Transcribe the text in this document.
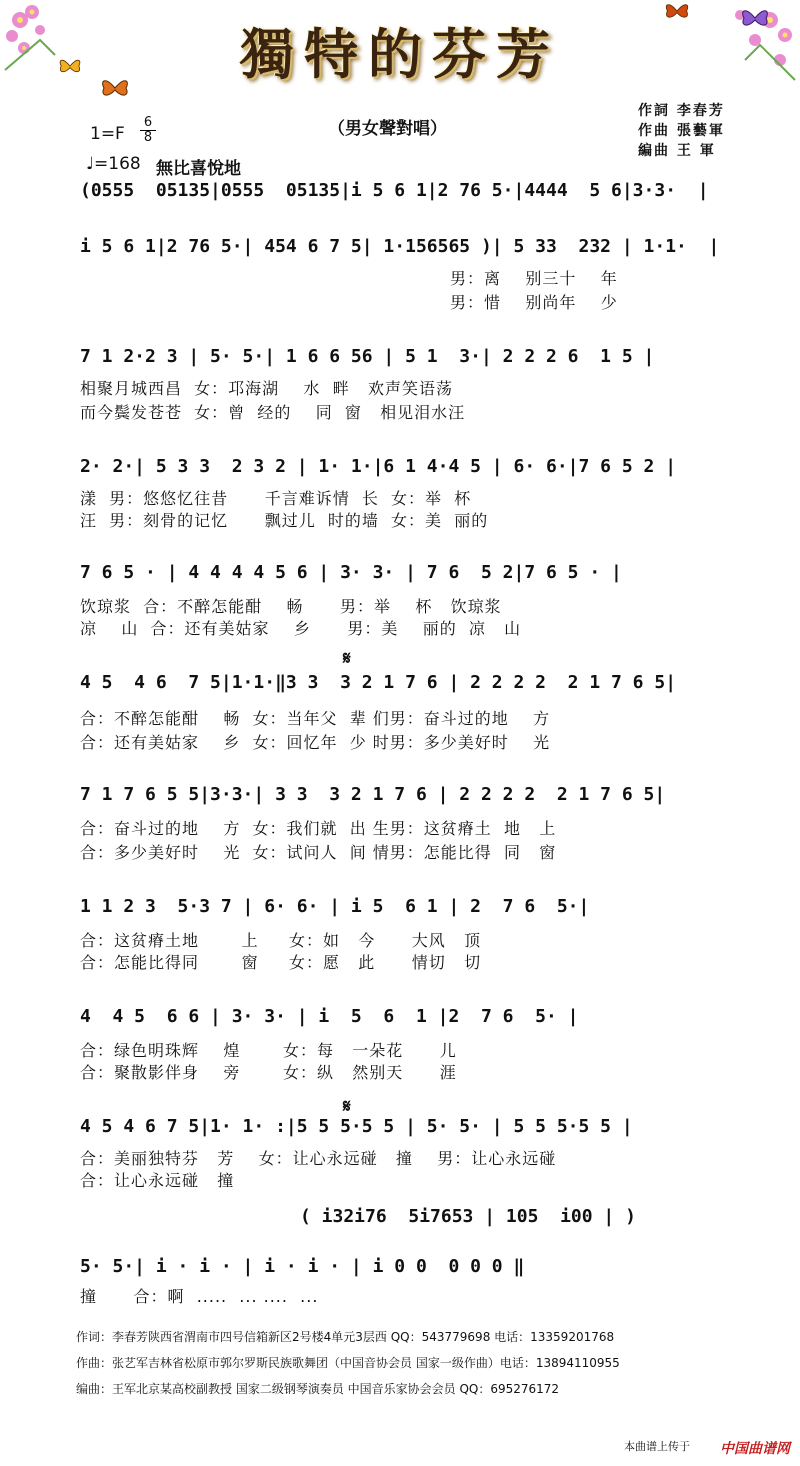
獨特的芬芳
（男女聲對唱）
作詞 李春芳
作曲 張藝軍
編曲 王 軍
$1=F \frac{6}{8}$
♩=168 無比喜悅地
(0555  05135|0555  05135|i 5 6 1|2 76 5·|4444  5 6|3·3·  |
i 5 6 1|2 76 5·| 454 6 7 5| 1·156565 )| 5 33  232 | 1·1·  |
男：离    别三十    年
男：惜    别尚年    少
7 1 2·2 3 | 5· 5·| 1 6 6 56 | 5 1  3·| 2 2 2 6  1 5 |
相聚月城西昌  女：邛海湖    水  畔   欢声笑语荡
而今鬓发苍苍  女：曾  经的    同  窗   相见泪水汪
2· 2·| 5 3 3  2 3 2 | 1· 1·|6 1 4·4 5 | 6· 6·|7 6 5 2 |
漾  男：悠悠忆往昔      千言难诉情  长  女：举  杯
汪  男：刻骨的记忆      飘过儿  时的墙  女：美  丽的
7 6 5 · | 4 4 4 4 5 6 | 3· 3· | 7 6  5 2|7 6 5 · |
饮琼浆  合：不醉怎能酣    畅      男：举    杯   饮琼浆
凉    山  合：还有美姑家    乡      男：美    丽的  凉   山
𝄋
4 5  4 6  7 5|1·1·‖3 3  3 2 1 7 6 | 2 2 2 2  2 1 7 6 5|
合：不醉怎能酣    畅  女：当年父  辈 们男：奋斗过的地    方
合：还有美姑家    乡  女：回忆年  少 时男：多少美好时    光
7 1 7 6 5 5|3·3·| 3 3  3 2 1 7 6 | 2 2 2 2  2 1 7 6 5|
合：奋斗过的地    方  女：我们就  出 生男：这贫瘠土  地   上
合：多少美好时    光  女：试问人  间 情男：怎能比得  同   窗
1 1 2 3  5·3 7 | 6· 6· | i 5  6 1 | 2  7 6  5·|
合：这贫瘠土地       上     女：如   今      大风   顶
合：怎能比得同       窗     女：愿   此      情切   切
4  4 5  6 6 | 3· 3· | i  5  6  1 |2  7 6  5· |
合：绿色明珠辉    煌       女：每   一朵花      儿
合：聚散影伴身    旁       女：纵   然别天      涯
𝄋
4 5 4 6 7 5|1· 1· :|5 5 5·5 5 | 5· 5· | 5 5 5·5 5 |
合：美丽独特芬   芳    女：让心永远碰   撞    男：让心永远碰
合：让心永远碰   撞
( i32i76  5i7653 | 105  i00 | )
5· 5·| i · i · | i · i · | i 0 0  0 0 0 ‖
撞      合：啊  .....  ... ....  ...
作词：李春芳陕西省渭南市四号信箱新区2号楼4单元3层西 QQ：543779698 电话：13359201768
作曲：张艺军吉林省松原市郭尔罗斯民族歌舞团（中国音协会员 国家一级作曲）电话：13894110955
编曲：王军北京某高校副教授 国家二级钢琴演奏员 中国音乐家协会会员 QQ：695276172
本曲谱上传于 中国曲谱网
